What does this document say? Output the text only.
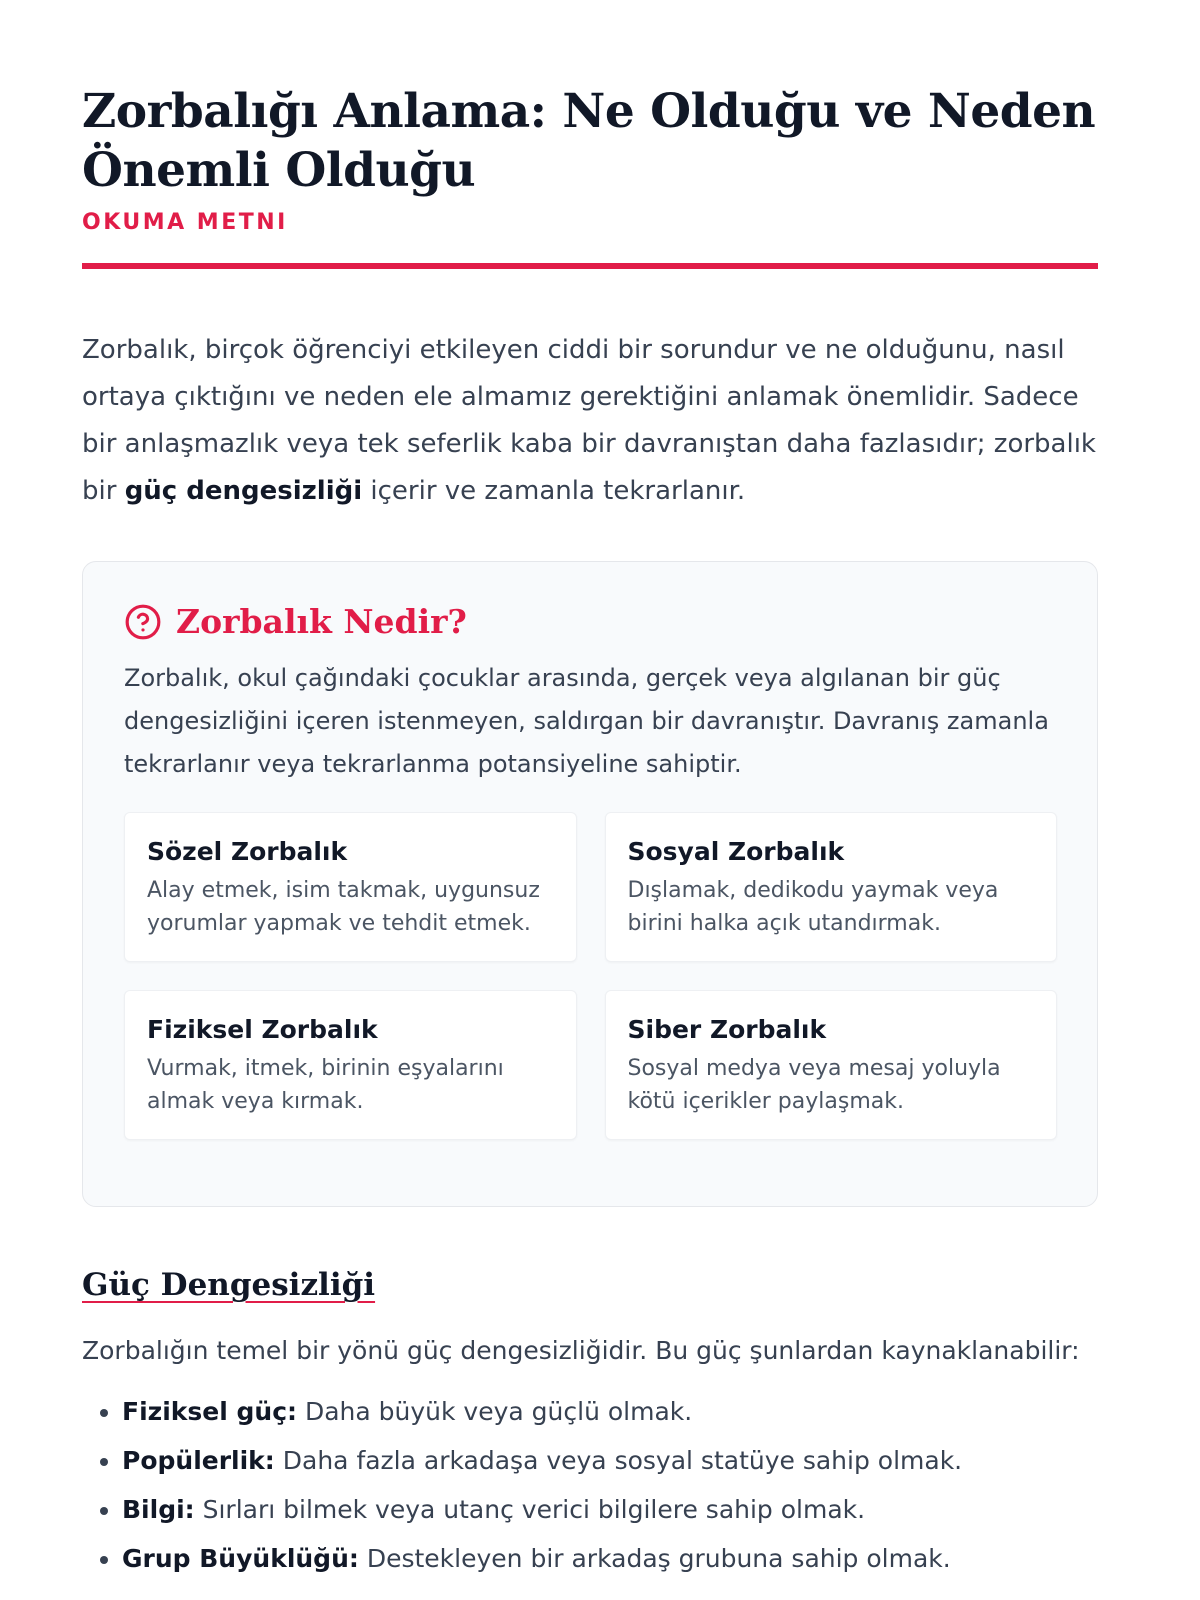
Zorbalığı Anlama: Ne Olduğu ve Neden Önemli Olduğu
OKUMA METNI

Zorbalık, birçok öğrenciyi etkileyen ciddi bir sorundur ve ne olduğunu, nasıl ortaya çıktığını ve neden ele almamız gerektiğini anlamak önemlidir. Sadece bir anlaşmazlık veya tek seferlik kaba bir davranıştan daha fazlasıdır; zorbalık bir güç dengesizliği içerir ve zamanla tekrarlanır.

Zorbalık Nedir?

Zorbalık, okul çağındaki çocuklar arasında, gerçek veya algılanan bir güç dengesizliğini içeren istenmeyen, saldırgan bir davranıştır. Davranış zamanla tekrarlanır veya tekrarlanma potansiyeline sahiptir.

Sözel Zorbalık

Alay etmek, isim takmak, uygunsuz yorumlar yapmak ve tehdit etmek.

Sosyal Zorbalık

Dışlamak, dedikodu yaymak veya birini halka açık utandırmak.

Fiziksel Zorbalık

Vurmak, itmek, birinin eşyalarını almak veya kırmak.

Siber Zorbalık

Sosyal medya veya mesaj yoluyla kötü içerikler paylaşmak.

Güç Dengesizliği

Zorbalığın temel bir yönü güç dengesizliğidir. Bu güç şunlardan kaynaklanabilir:

• Fiziksel güç: Daha büyük veya güçlü olmak.
• Popülerlik: Daha fazla arkadaşa veya sosyal statüye sahip olmak.
• Bilgi: Sırları bilmek veya utanç verici bilgilere sahip olmak.
• Grup Büyüklüğü: Destekleyen bir arkadaş grubuna sahip olmak.
